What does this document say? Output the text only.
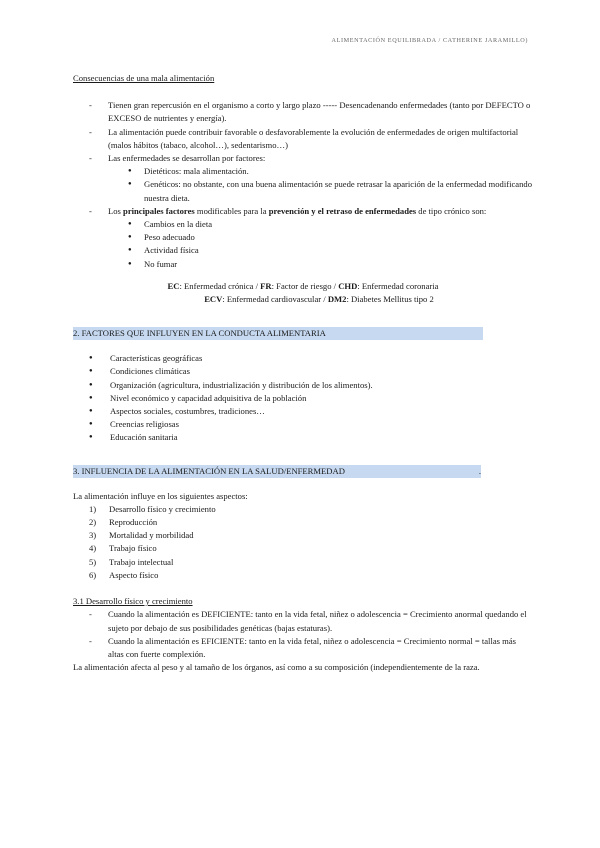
ALIMENTACIÓN EQUILIBRADA / CATHERINE JARAMILLO)
Consecuencias de una mala alimentación
- Tienen gran repercusión en el organismo a corto y largo plazo ----- Desencadenando enfermedades (tanto por DEFECTO o EXCESO de nutrientes y energía).
- La alimentación puede contribuir favorable o desfavorablemente la evolución de enfermedades de origen multifactorial (malos hábitos (tabaco, alcohol…), sedentarismo…)
- Las enfermedades se desarrollan por factores:
● Dietéticos: mala alimentación.
● Genéticos: no obstante, con una buena alimentación se puede retrasar la aparición de la enfermedad modificando nuestra dieta.
- Los principales factores modificables para la prevención y el retraso de enfermedades de tipo crónico son:
● Cambios en la dieta
● Peso adecuado
● Actividad física
● No fumar

EC: Enfermedad crónica / FR: Factor de riesgo / CHD: Enfermedad coronaria

ECV: Enfermedad cardiovascular / DM2: Diabetes Mellitus tipo 2

2. FACTORES QUE INFLUYEN EN LA CONDUCTA ALIMENTARIA
● Características geográficas
● Condiciones climáticas
● Organización (agricultura, industrialización y distribución de los alimentos).
● Nivel económico y capacidad adquisitiva de la población
● Aspectos sociales, costumbres, tradiciones…
● Creencias religiosas
● Educación sanitaria
3. INFLUENCIA DE LA ALIMENTACIÓN EN LA SALUD/ENFERMEDAD	.
La alimentación influye en los siguientes aspectos:
1) Desarrollo físico y crecimiento
2) Reproducción
3) Mortalidad y morbilidad
4) Trabajo físico
5) Trabajo intelectual
6) Aspecto físico
3.1 Desarrollo físico y crecimiento
- Cuando la alimentación es DEFICIENTE: tanto en la vida fetal, niñez o adolescencia = Crecimiento anormal quedando el sujeto por debajo de sus posibilidades genéticas (bajas estaturas).
- Cuando la alimentación es EFICIENTE: tanto en la vida fetal, niñez o adolescencia = Crecimiento normal = tallas más altas con fuerte complexión.
La alimentación afecta al peso y al tamaño de los órganos, así como a su composición (independientemente de la raza.
